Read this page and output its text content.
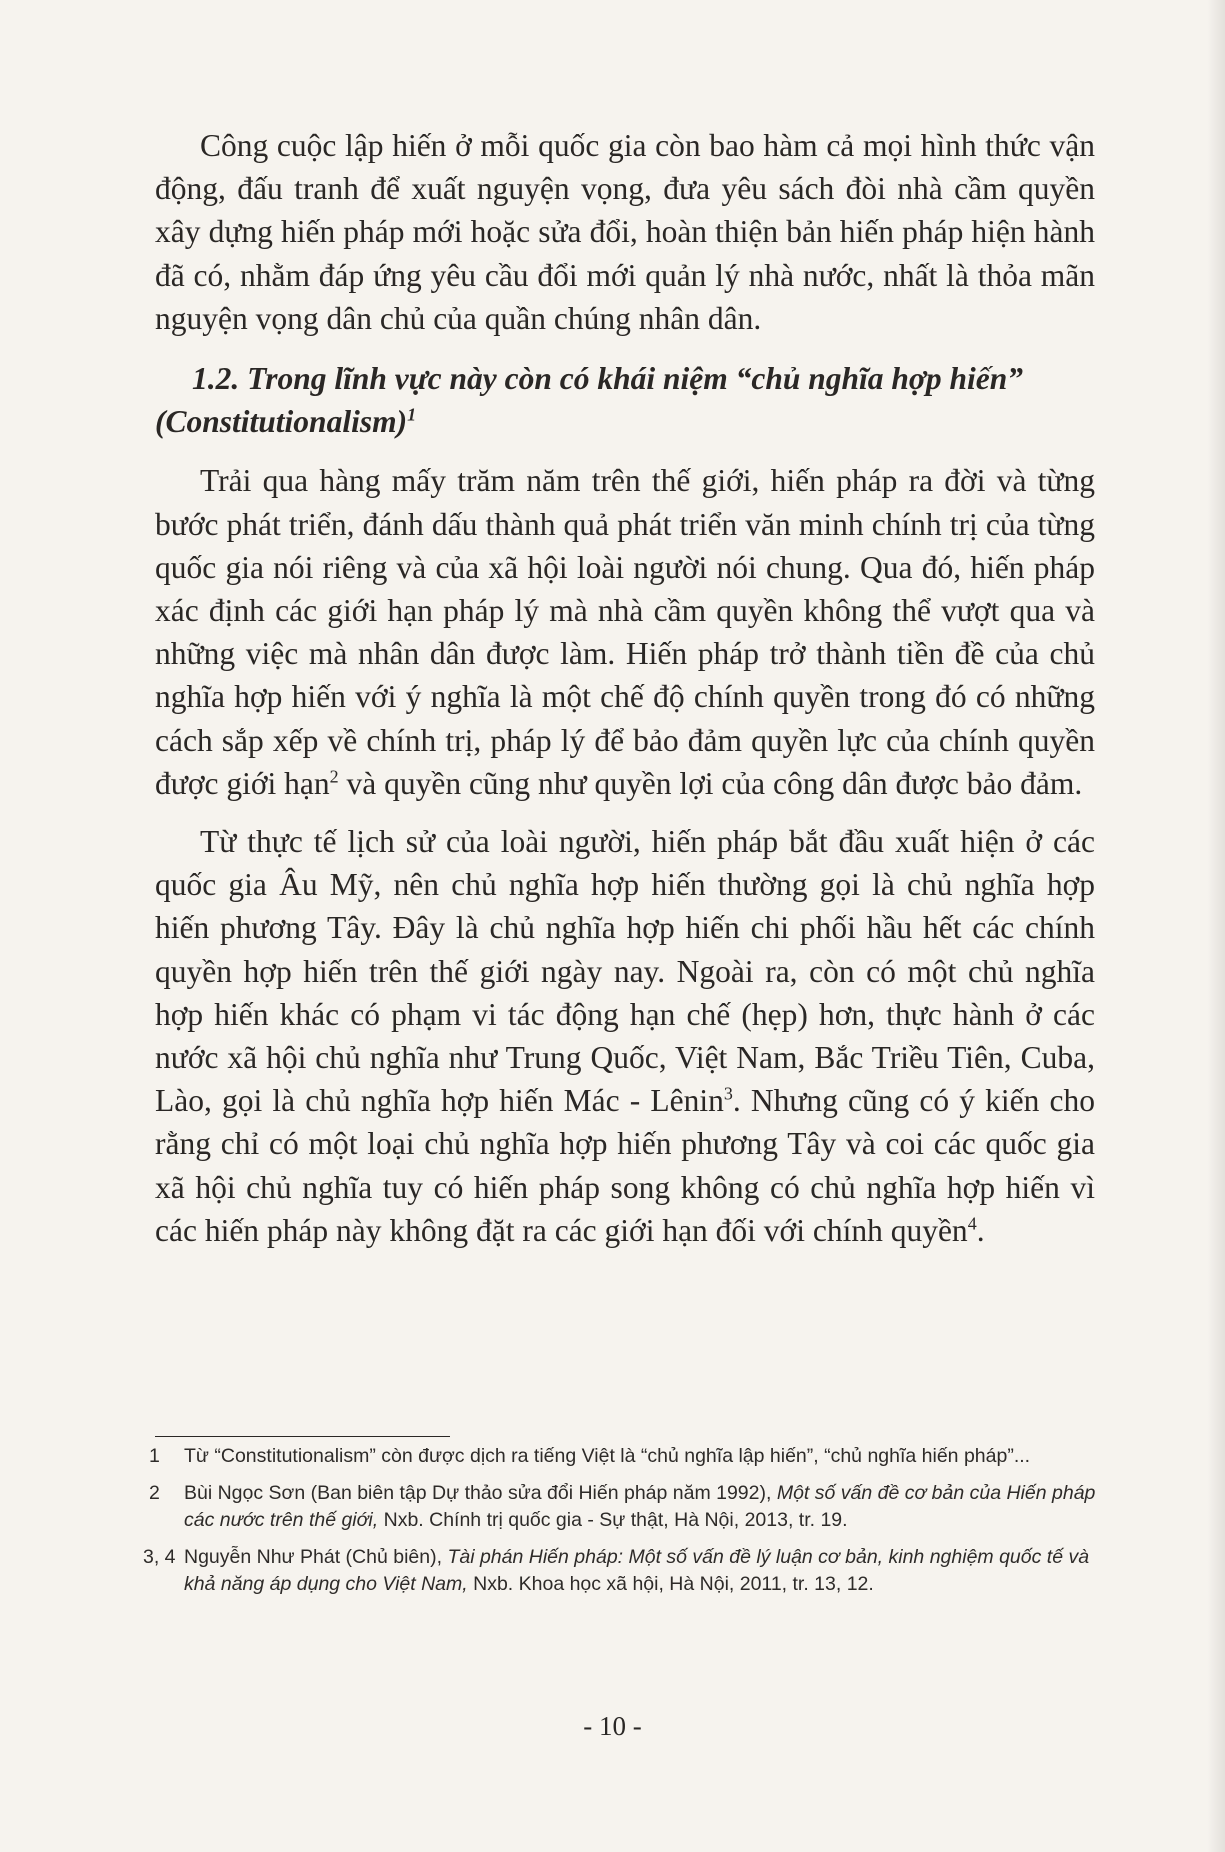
Công cuộc lập hiến ở mỗi quốc gia còn bao hàm cả mọi hình thức vận động, đấu tranh để xuất nguyện vọng, đưa yêu sách đòi nhà cầm quyền xây dựng hiến pháp mới hoặc sửa đổi, hoàn thiện bản hiến pháp hiện hành đã có, nhằm đáp ứng yêu cầu đổi mới quản lý nhà nước, nhất là thỏa mãn nguyện vọng dân chủ của quần chúng nhân dân.

1.2. Trong lĩnh vực này còn có khái niệm “chủ nghĩa hợp hiến” (Constitutionalism)$^1$

Trải qua hàng mấy trăm năm trên thế giới, hiến pháp ra đời và từng bước phát triển, đánh dấu thành quả phát triển văn minh chính trị của từng quốc gia nói riêng và của xã hội loài người nói chung. Qua đó, hiến pháp xác định các giới hạn pháp lý mà nhà cầm quyền không thể vượt qua và những việc mà nhân dân được làm. Hiến pháp trở thành tiền đề của chủ nghĩa hợp hiến với ý nghĩa là một chế độ chính quyền trong đó có những cách sắp xếp về chính trị, pháp lý để bảo đảm quyền lực của chính quyền được giới hạn$^2$ và quyền cũng như quyền lợi của công dân được bảo đảm.

Từ thực tế lịch sử của loài người, hiến pháp bắt đầu xuất hiện ở các quốc gia Âu Mỹ, nên chủ nghĩa hợp hiến thường gọi là chủ nghĩa hợp hiến phương Tây. Đây là chủ nghĩa hợp hiến chi phối hầu hết các chính quyền hợp hiến trên thế giới ngày nay. Ngoài ra, còn có một chủ nghĩa hợp hiến khác có phạm vi tác động hạn chế (hẹp) hơn, thực hành ở các nước xã hội chủ nghĩa như Trung Quốc, Việt Nam, Bắc Triều Tiên, Cuba, Lào, gọi là chủ nghĩa hợp hiến Mác - Lênin$^3$. Nhưng cũng có ý kiến cho rằng chỉ có một loại chủ nghĩa hợp hiến phương Tây và coi các quốc gia xã hội chủ nghĩa tuy có hiến pháp song không có chủ nghĩa hợp hiến vì các hiến pháp này không đặt ra các giới hạn đối với chính quyền$^4$.

1	Từ “Constitutionalism” còn được dịch ra tiếng Việt là “chủ nghĩa lập hiến”, “chủ nghĩa hiến pháp”...
2	Bùi Ngọc Sơn (Ban biên tập Dự thảo sửa đổi Hiến pháp năm 1992), Một số vấn đề cơ bản của Hiến pháp các nước trên thế giới, Nxb. Chính trị quốc gia - Sự thật, Hà Nội, 2013, tr. 19.
3, 4 Nguyễn Như Phát (Chủ biên), Tài phán Hiến pháp: Một số vấn đề lý luận cơ bản, kinh nghiệm quốc tế và khả năng áp dụng cho Việt Nam, Nxb. Khoa học xã hội, Hà Nội, 2011, tr. 13, 12.
- 10 -
